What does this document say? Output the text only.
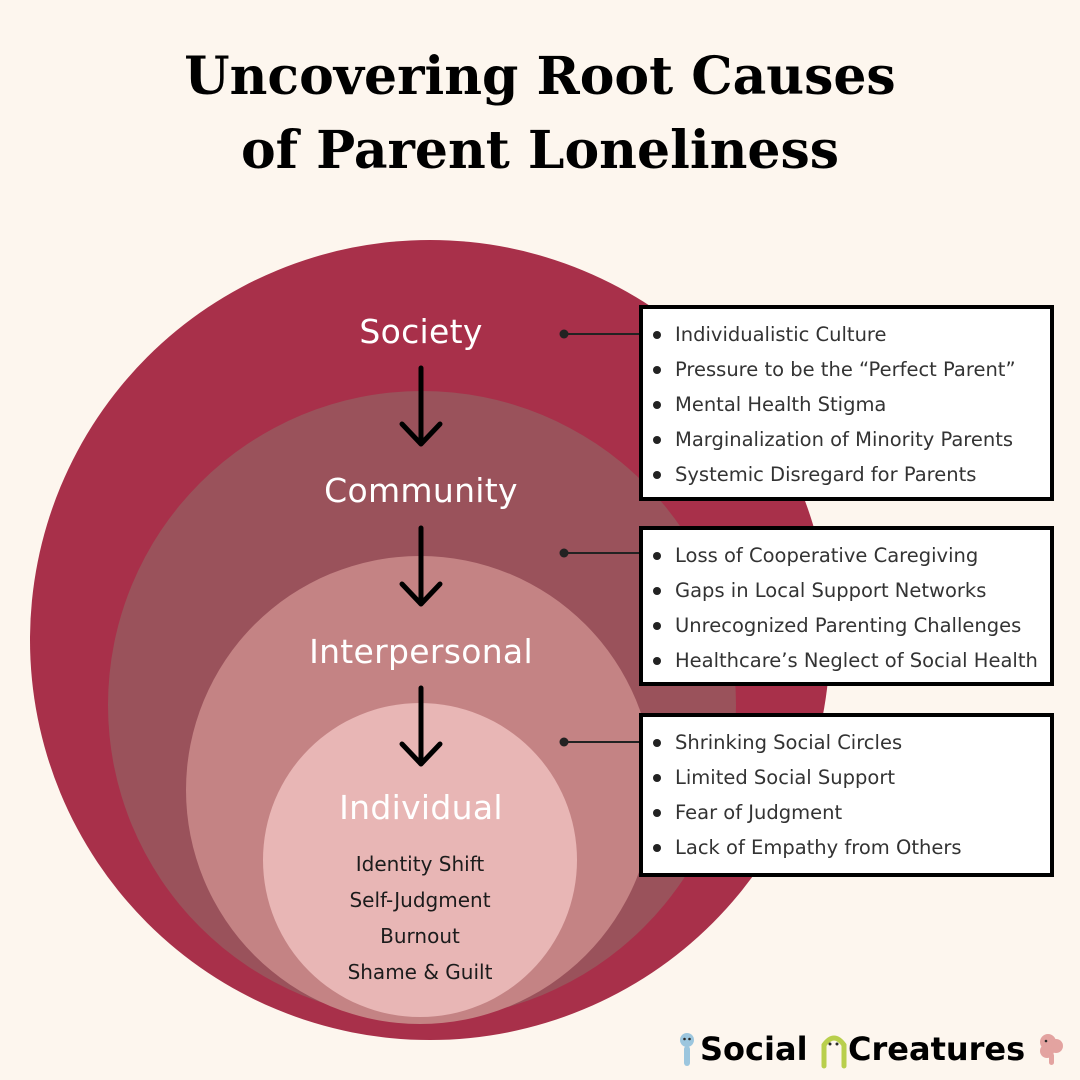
Uncovering Root Causes
of Parent Loneliness
Society
Community
Interpersonal
Individual
Identity Shift
Self-Judgment
Burnout
Shame & Guilt
Individualistic Culture
Pressure to be the “Perfect Parent”
Mental Health Stigma
Marginalization of Minority Parents
Systemic Disregard for Parents
Loss of Cooperative Caregiving
Gaps in Local Support Networks
Unrecognized Parenting Challenges
Healthcare’s Neglect of Social Health
Shrinking Social Circles
Limited Social Support
Fear of Judgment
Lack of Empathy from Others
Social Creatures
